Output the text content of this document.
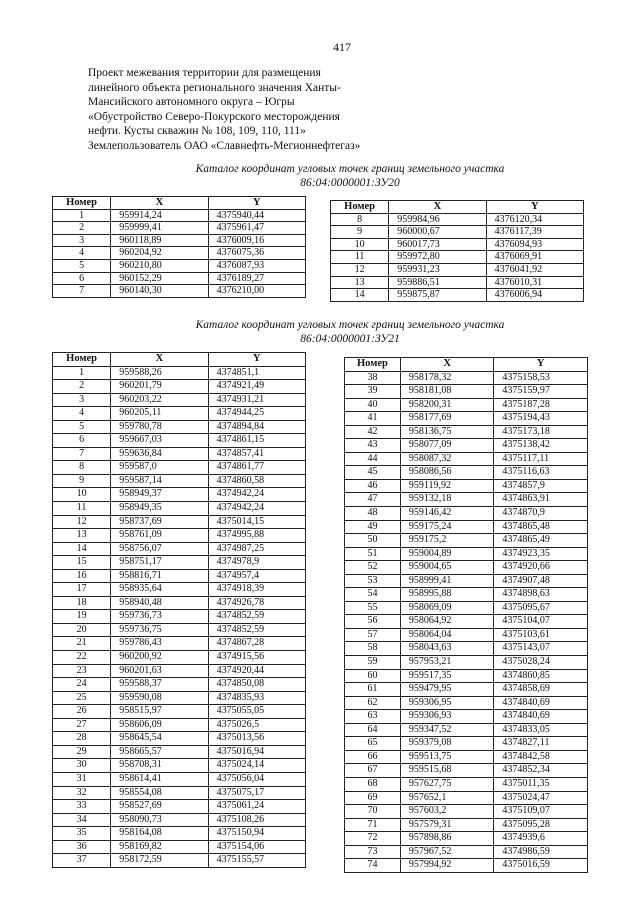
417
Проект межевания территории для размещения
линейного объекта регионального значения Ханты-
Мансийского автономного округа – Югры
«Обустройство Северо-Покурского месторождения
нефти. Кусты скважин № 108, 109, 110, 111»
Землепользователь ОАО «Славнефть-Мегионнефтегаз»
Каталог координат угловых точек границ земельного участка
86:04:0000001:ЗУ20
Номер	X	Y
1	959914,24	4375940,44
2	959999,41	4375961,47
3	960118,89	4376009,16
4	960204,92	4376075,36
5	960210,80	4376087,93
6	960152,29	4376189,27
7	960140,30	4376210,00
Номер	X	Y
8	959984,96	4376120,34
9	960000,67	4376117,39
10	960017,73	4376094,93
11	959972,80	4376069,91
12	959931,23	4376041,92
13	959886,51	4376010,31
14	959875,87	4376006,94
Каталог координат угловых точек границ земельного участка
86:04:0000001:ЗУ21
Номер	X	Y
1	959588,26	4374851,1
2	960201,79	4374921,49
3	960203,22	4374931,21
4	960205,11	4374944,25
5	959780,78	4374894,84
6	959667,03	4374861,15
7	959636,84	4374857,41
8	959587,0	4374861,77
9	959587,14	4374860,58
10	958949,37	4374942,24
11	958949,35	4374942,24
12	958737,69	4375014,15
13	958761,09	4374995,88
14	958756,07	4374987,25
15	958751,17	4374978,9
16	958816,71	4374957,4
17	958935,64	4374918,39
18	958940,48	4374926,78
19	959736,73	4374852,59
20	959736,75	4374852,59
21	959786,43	4374867,28
22	960200,92	4374915,56
23	960201,63	4374920,44
24	959588,37	4374850,08
25	959590,08	4374835,93
26	958515,97	4375055,05
27	958606,09	4375026,5
28	958645,54	4375013,56
29	958665,57	4375016,94
30	958708,31	4375024,14
31	958614,41	4375056,04
32	958554,08	4375075,17
33	958527,69	4375061,24
34	958090,73	4375108,26
35	958164,08	4375150,94
36	958169,82	4375154,06
37	958172,59	4375155,57
Номер	X	Y
38	958178,32	4375158,53
39	958181,08	4375159,97
40	958200,31	4375187,28
41	958177,69	4375194,43
42	958136,75	4375173,18
43	958077,09	4375138,42
44	958087,32	4375117,11
45	958086,56	4375116,63
46	959119,92	4374857,9
47	959132,18	4374863,91
48	959146,42	4374870,9
49	959175,24	4374865,48
50	959175,2	4374865,49
51	959004,89	4374923,35
52	959004,65	4374920,66
53	958999,41	4374907,48
54	958995,88	4374898,63
55	958069,09	4375095,67
56	958064,92	4375104,07
57	958064,04	4375103,61
58	958043,63	4375143,07
59	957953,21	4375028,24
60	959517,35	4374860,85
61	959479,95	4374858,69
62	959306,95	4374840,69
63	959306,93	4374840,69
64	959347,52	4374833,05
65	959379,08	4374827,11
66	959513,75	4374842,58
67	959515,68	4374852,34
68	957627,75	4375011,35
69	957652,1	4375024,47
70	957603,2	4375109,07
71	957579,31	4375095,28
72	957898,86	4374939,6
73	957967,52	4374986,59
74	957994,92	4375016,59
